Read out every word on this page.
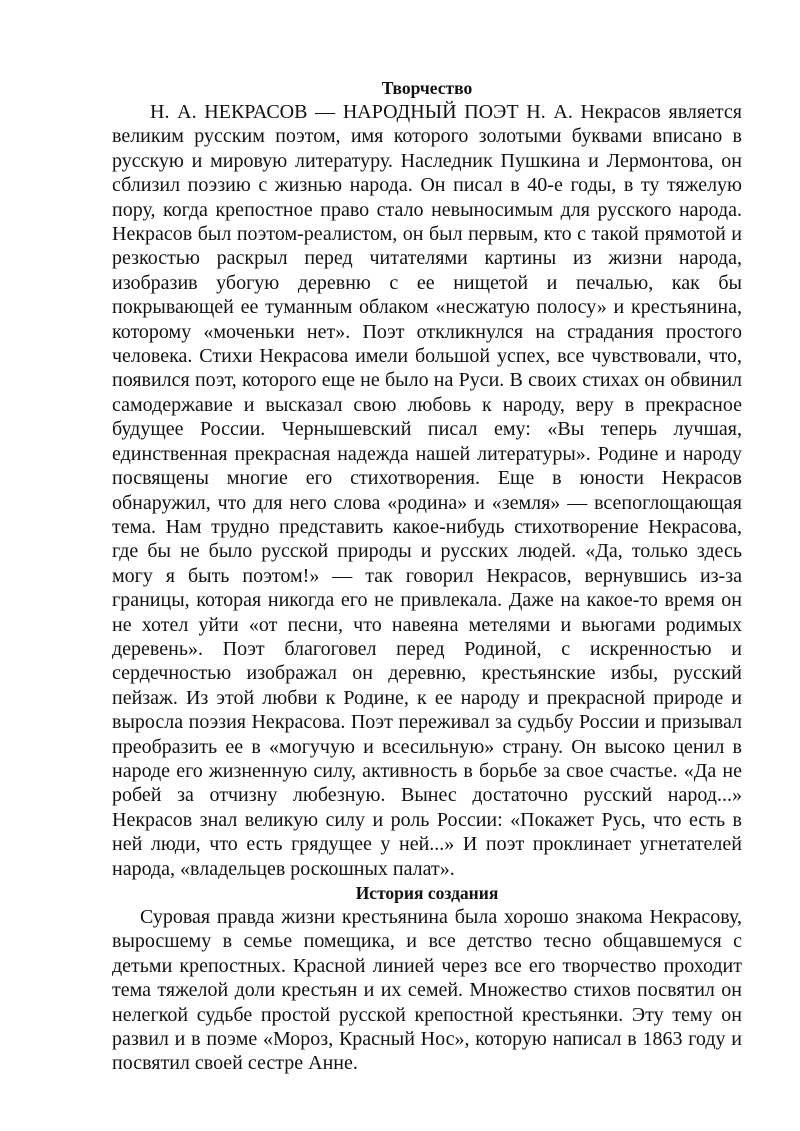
Творчество

Н. А. НЕКРАСОВ — НАРОДНЫЙ ПОЭТ Н. А. Некрасов является великим русским поэтом, имя которого золотыми буквами вписано в русскую и мировую литературу. Наследник Пушкина и Лермонтова, он сблизил поэзию с жизнью народа. Он писал в 40-е годы, в ту тяжелую пору, когда крепостное право стало невыносимым для русского народа. Некрасов был поэтом-реалистом, он был первым, кто с такой прямотой и резкостью раскрыл перед читателями картины из жизни народа, изобразив убогую деревню с ее нищетой и печалью, как бы покрывающей ее туманным облаком «несжатую полосу» и крестьянина, которому «моченьки нет». Поэт откликнулся на страдания простого человека. Стихи Некрасова имели большой успех, все чувствовали, что, появился поэт, которого еще не было на Руси. В своих стихах он обвинил самодержавие и высказал свою любовь к народу, веру в прекрасное будущее России. Чернышевский писал ему: «Вы теперь лучшая, единственная прекрасная надежда нашей литературы». Родине и народу посвящены многие его стихотворения. Еще в юности Некрасов обнаружил, что для него слова «родина» и «земля» — всепоглощающая тема. Нам трудно представить какое-нибудь стихотворение Некрасова, где бы не было русской природы и русских людей. «Да, только здесь могу я быть поэтом!» — так говорил Некрасов, вернувшись из-за границы, которая никогда его не привлекала. Даже на какое-то время он не хотел уйти «от песни, что навеяна метелями и вьюгами родимых деревень». Поэт благоговел перед Родиной, с искренностью и сердечностью изображал он деревню, крестьянские избы, русский пейзаж. Из этой любви к Родине, к ее народу и прекрасной природе и выросла поэзия Некрасова. Поэт переживал за судьбу России и призывал преобразить ее в «могучую и всесильную» страну. Он высоко ценил в народе его жизненную силу, активность в борьбе за свое счастье. «Да не робей за отчизну любезную. Вынес достаточно русский народ...» Некрасов знал великую силу и роль России: «Покажет Русь, что есть в ней люди, что есть грядущее у ней...» И поэт проклинает угнетателей народа, «владельцев роскошных палат».

История создания

Суровая правда жизни крестьянина была хорошо знакома Некрасову, выросшему в семье помещика, и все детство тесно общавшемуся с детьми крепостных. Красной линией через все его творчество проходит тема тяжелой доли крестьян и их семей. Множество стихов посвятил он нелегкой судьбе простой русской крепостной крестьянки. Эту тему он развил и в поэме «Мороз, Красный Нос», которую написал в 1863 году и посвятил своей сестре Анне.
